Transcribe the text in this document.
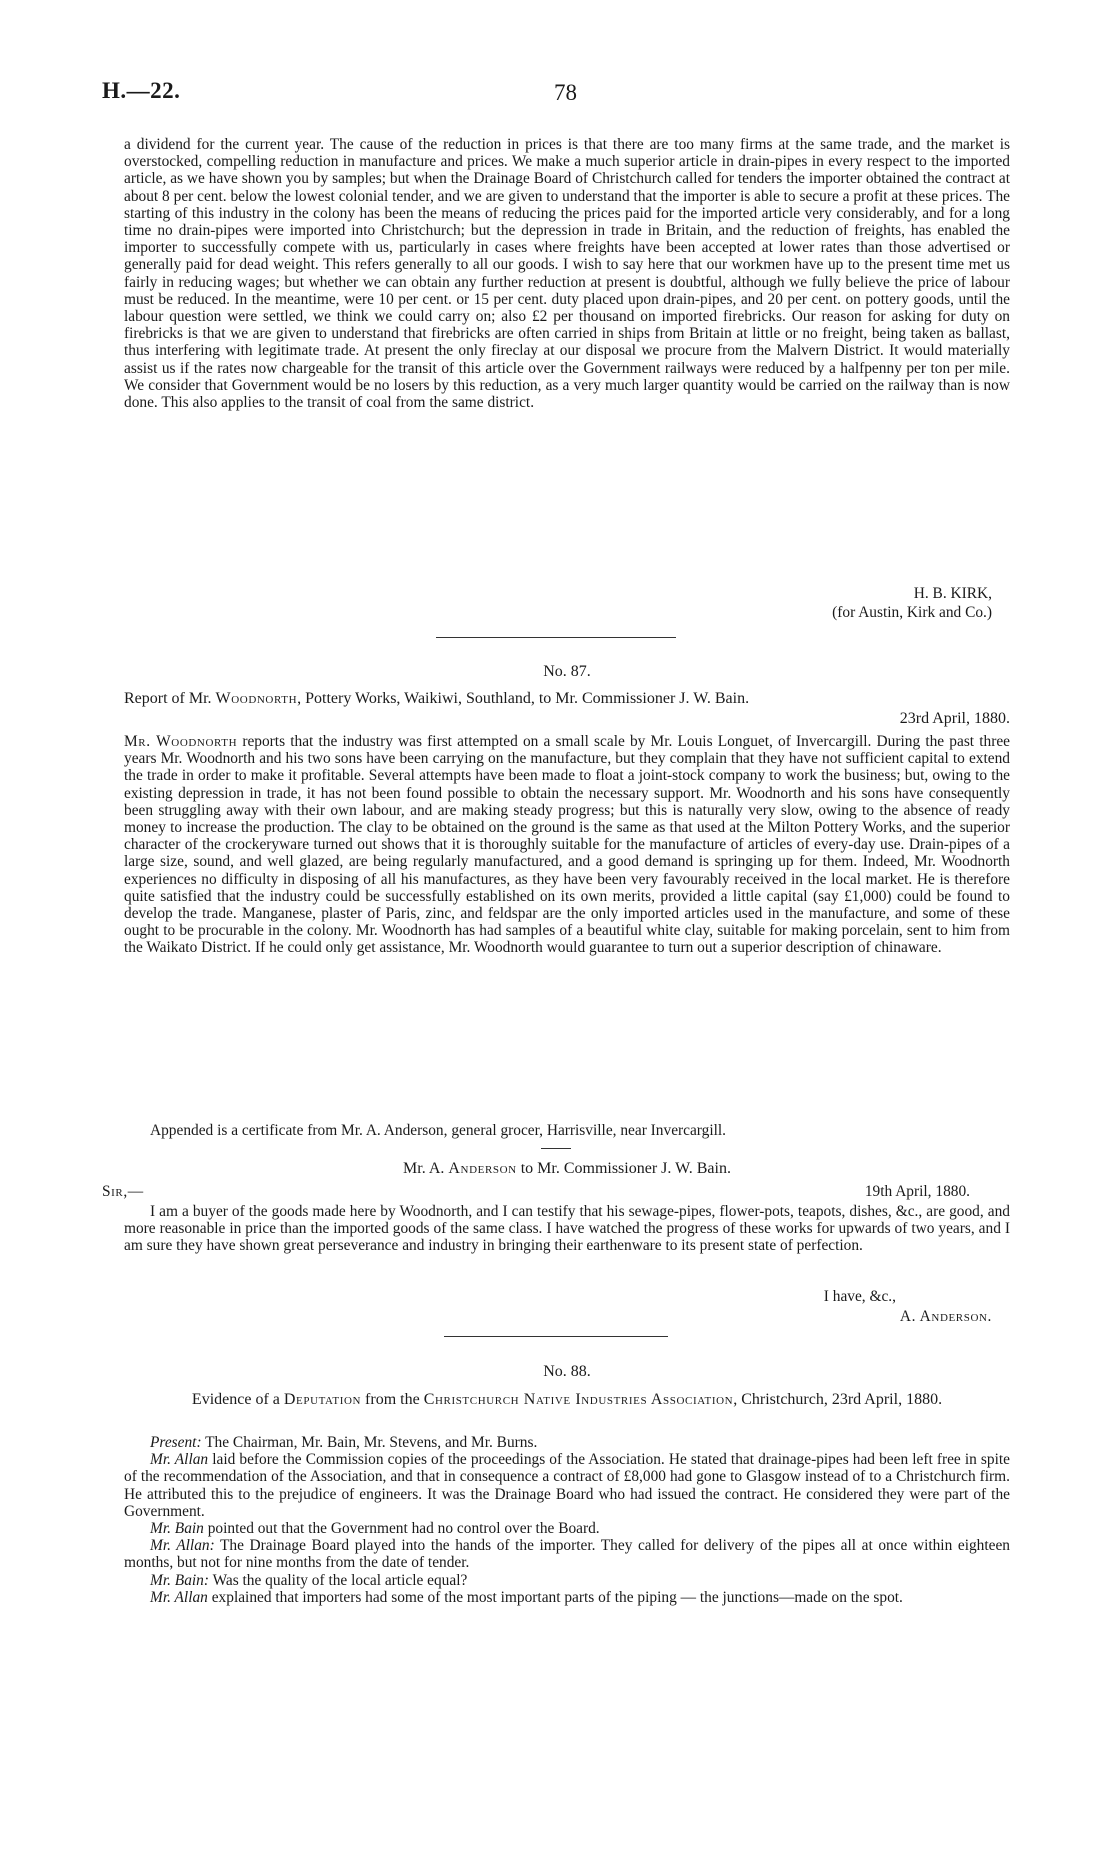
H.—22.	78

a dividend for the current year. The cause of the reduction in prices is that there are too many firms at the same trade, and the market is overstocked, compelling reduction in manufacture and prices. We make a much superior article in drain-pipes in every respect to the imported article, as we have shown you by samples; but when the Drainage Board of Christchurch called for tenders the importer obtained the contract at about 8 per cent. below the lowest colonial tender, and we are given to understand that the importer is able to secure a profit at these prices. The starting of this industry in the colony has been the means of reducing the prices paid for the imported article very considerably, and for a long time no drain-pipes were imported into Christchurch; but the depression in trade in Britain, and the reduction of freights, has enabled the importer to successfully compete with us, particularly in cases where freights have been accepted at lower rates than those advertised or generally paid for dead weight. This refers generally to all our goods. I wish to say here that our workmen have up to the present time met us fairly in reducing wages; but whether we can obtain any further reduction at present is doubtful, although we fully believe the price of labour must be reduced. In the meantime, were 10 per cent. or 15 per cent. duty placed upon drain-pipes, and 20 per cent. on pottery goods, until the labour question were settled, we think we could carry on; also £2 per thousand on imported firebricks. Our reason for asking for duty on firebricks is that we are given to understand that firebricks are often carried in ships from Britain at little or no freight, being taken as ballast, thus interfering with legitimate trade. At present the only fireclay at our disposal we procure from the Malvern District. It would materially assist us if the rates now chargeable for the transit of this article over the Government railways were reduced by a halfpenny per ton per mile. We consider that Government would be no losers by this reduction, as a very much larger quantity would be carried on the railway than is now done. This also applies to the transit of coal from the same district.

H. B. KIRK,
(for Austin, Kirk and Co.)
No. 87.
Report of Mr. Woodnorth, Pottery Works, Waikiwi, Southland, to Mr. Commissioner J. W. Bain.
23rd April, 1880.

Mr. Woodnorth reports that the industry was first attempted on a small scale by Mr. Louis Longuet, of Invercargill. During the past three years Mr. Woodnorth and his two sons have been carrying on the manufacture, but they complain that they have not sufficient capital to extend the trade in order to make it profitable. Several attempts have been made to float a joint-stock company to work the business; but, owing to the existing depression in trade, it has not been found possible to obtain the necessary support. Mr. Woodnorth and his sons have consequently been struggling away with their own labour, and are making steady progress; but this is naturally very slow, owing to the absence of ready money to increase the production. The clay to be obtained on the ground is the same as that used at the Milton Pottery Works, and the superior character of the crockeryware turned out shows that it is thoroughly suitable for the manufacture of articles of every-day use. Drain-pipes of a large size, sound, and well glazed, are being regularly manufactured, and a good demand is springing up for them. Indeed, Mr. Woodnorth experiences no difficulty in disposing of all his manufactures, as they have been very favourably received in the local market. He is therefore quite satisfied that the industry could be successfully established on its own merits, provided a little capital (say £1,000) could be found to develop the trade. Manganese, plaster of Paris, zinc, and feldspar are the only imported articles used in the manufacture, and some of these ought to be procurable in the colony. Mr. Woodnorth has had samples of a beautiful white clay, suitable for making porcelain, sent to him from the Waikato District. If he could only get assistance, Mr. Woodnorth would guarantee to turn out a superior description of chinaware.

Appended is a certificate from Mr. A. Anderson, general grocer, Harrisville, near Invercargill.

Mr. A. Anderson to Mr. Commissioner J. W. Bain.
Sir,—	19th April, 1880.

I am a buyer of the goods made here by Woodnorth, and I can testify that his sewage-pipes, flower-pots, teapots, dishes, &c., are good, and more reasonable in price than the imported goods of the same class. I have watched the progress of these works for upwards of two years, and I am sure they have shown great perseverance and industry in bringing their earthenware to its present state of perfection.

I have, &c.,
A. Anderson.
No. 88.
Evidence of a Deputation from the Christchurch Native Industries Association, Christchurch, 23rd April, 1880.

Present: The Chairman, Mr. Bain, Mr. Stevens, and Mr. Burns.

Mr. Allan laid before the Commission copies of the proceedings of the Association. He stated that drainage-pipes had been left free in spite of the recommendation of the Association, and that in consequence a contract of £8,000 had gone to Glasgow instead of to a Christchurch firm. He attributed this to the prejudice of engineers. It was the Drainage Board who had issued the contract. He considered they were part of the Government.

Mr. Bain pointed out that the Government had no control over the Board.

Mr. Allan: The Drainage Board played into the hands of the importer. They called for delivery of the pipes all at once within eighteen months, but not for nine months from the date of tender.

Mr. Bain: Was the quality of the local article equal?

Mr. Allan explained that importers had some of the most important parts of the piping — the junctions—made on the spot.
